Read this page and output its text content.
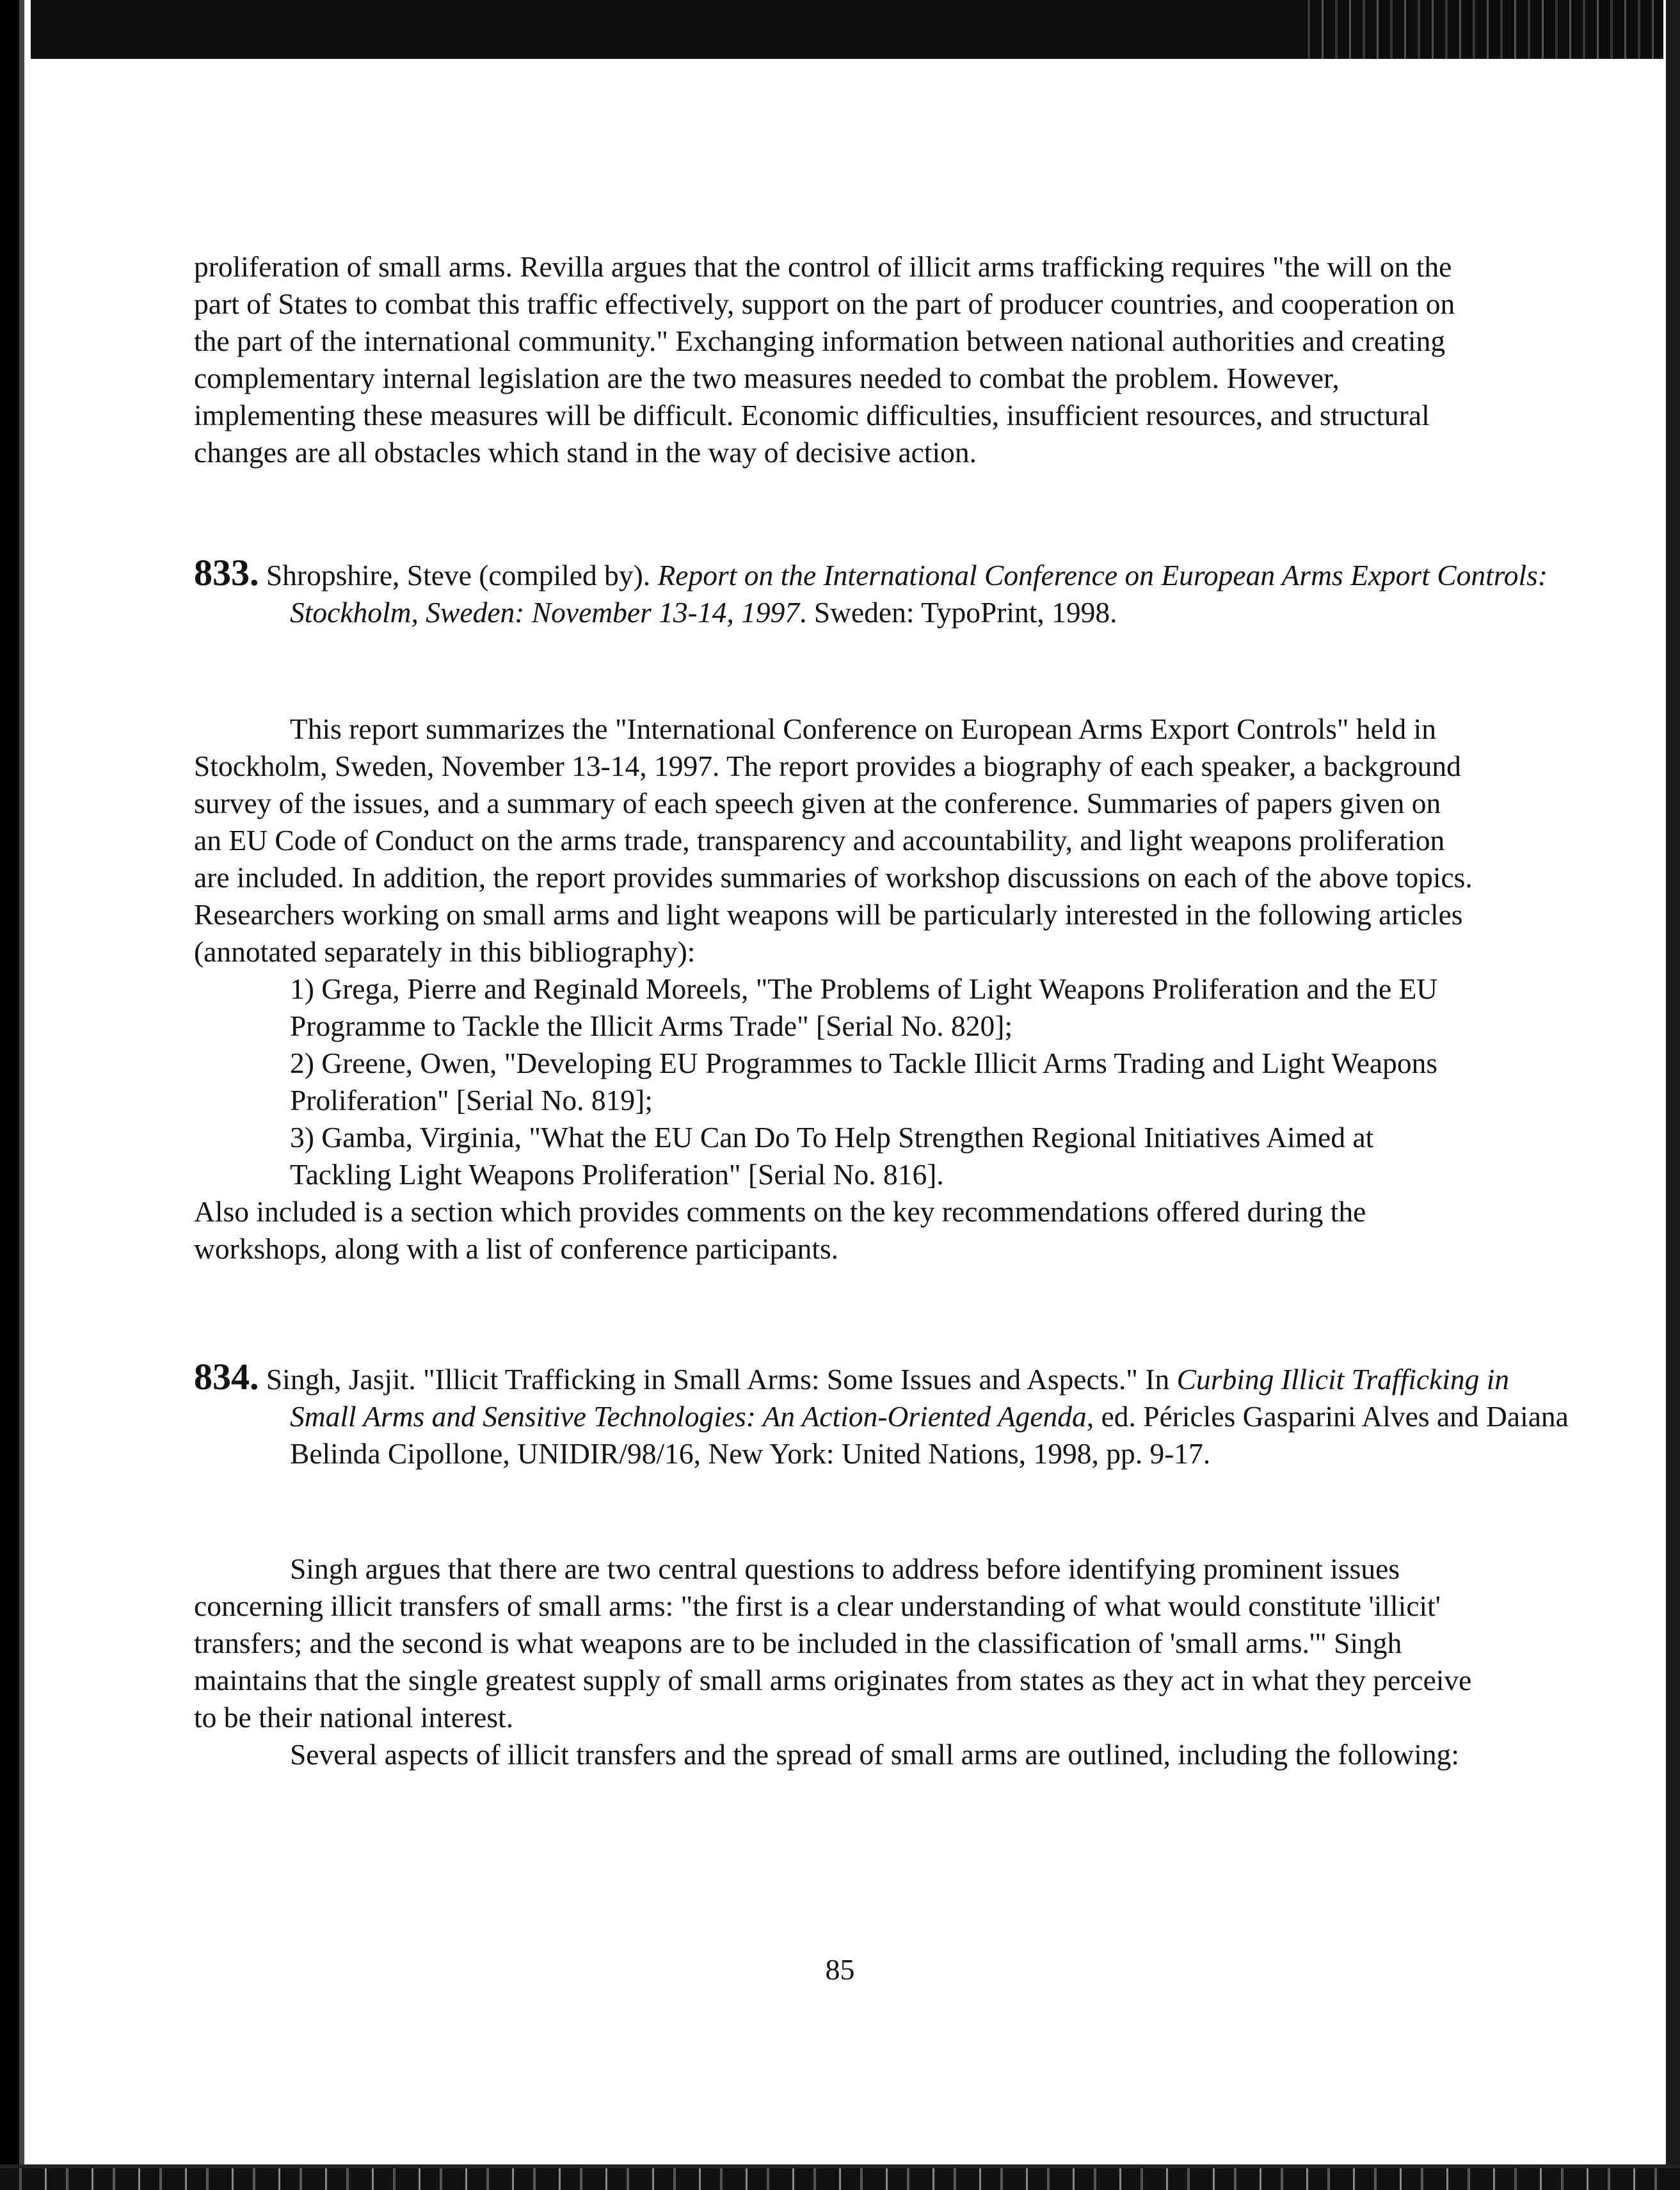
proliferation of small arms. Revilla argues that the control of illicit arms trafficking requires "the will on the part of States to combat this traffic effectively, support on the part of producer countries, and cooperation on the part of the international community." Exchanging information between national authorities and creating complementary internal legislation are the two measures needed to combat the problem. However, implementing these measures will be difficult. Economic difficulties, insufficient resources, and structural changes are all obstacles which stand in the way of decisive action.

833. Shropshire, Steve (compiled by). Report on the International Conference on European Arms Export Controls: Stockholm, Sweden: November 13-14, 1997. Sweden: TypoPrint, 1998.

This report summarizes the "International Conference on European Arms Export Controls" held in Stockholm, Sweden, November 13-14, 1997. The report provides a biography of each speaker, a background survey of the issues, and a summary of each speech given at the conference. Summaries of papers given on an EU Code of Conduct on the arms trade, transparency and accountability, and light weapons proliferation are included. In addition, the report provides summaries of workshop discussions on each of the above topics. Researchers working on small arms and light weapons will be particularly interested in the following articles (annotated separately in this bibliography):

1) Grega, Pierre and Reginald Moreels, "The Problems of Light Weapons Proliferation and the EU Programme to Tackle the Illicit Arms Trade" [Serial No. 820];

2) Greene, Owen, "Developing EU Programmes to Tackle Illicit Arms Trading and Light Weapons Proliferation" [Serial No. 819];

3) Gamba, Virginia, "What the EU Can Do To Help Strengthen Regional Initiatives Aimed at Tackling Light Weapons Proliferation" [Serial No. 816].

Also included is a section which provides comments on the key recommendations offered during the workshops, along with a list of conference participants.

834. Singh, Jasjit. "Illicit Trafficking in Small Arms: Some Issues and Aspects." In Curbing Illicit Trafficking in Small Arms and Sensitive Technologies: An Action-Oriented Agenda, ed. Péricles Gasparini Alves and Daiana Belinda Cipollone, UNIDIR/98/16, New York: United Nations, 1998, pp. 9-17.

Singh argues that there are two central questions to address before identifying prominent issues concerning illicit transfers of small arms: "the first is a clear understanding of what would constitute 'illicit' transfers; and the second is what weapons are to be included in the classification of 'small arms.'" Singh maintains that the single greatest supply of small arms originates from states as they act in what they perceive to be their national interest.

Several aspects of illicit transfers and the spread of small arms are outlined, including the following:

85
